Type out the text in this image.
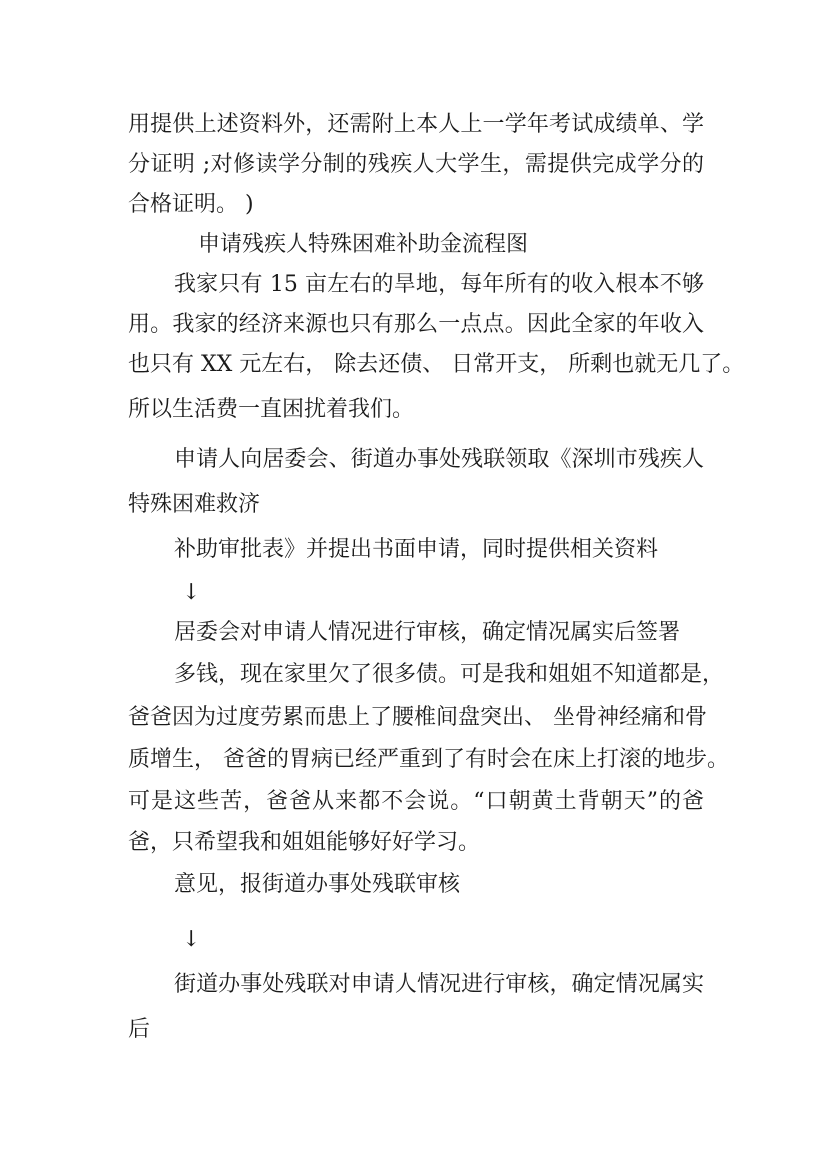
用提供上述资料外，还需附上本人上一学年考试成绩单、学
分证明 ;对修读学分制的残疾人大学生，需提供完成学分的
合格证明。 )
申请残疾人特殊困难补助金流程图
我家只有 15 亩左右的旱地，每年所有的收入根本不够
用。我家的经济来源也只有那么一点点。因此全家的年收入
也只有 XX 元左右， 除去还债、 日常开支， 所剩也就无几了。
所以生活费一直困扰着我们。
申请人向居委会、街道办事处残联领取《深圳市残疾人
特殊困难救济
补助审批表》并提出书面申请，同时提供相关资料
↓
居委会对申请人情况进行审核，确定情况属实后签署
多钱，现在家里欠了很多债。可是我和姐姐不知道都是，
爸爸因为过度劳累而患上了腰椎间盘突出、 坐骨神经痛和骨
质增生， 爸爸的胃病已经严重到了有时会在床上打滚的地步。
可是这些苦，爸爸从来都不会说。“口朝黄土背朝天”的爸
爸，只希望我和姐姐能够好好学习。
意见，报街道办事处残联审核
↓
街道办事处残联对申请人情况进行审核，确定情况属实
后
